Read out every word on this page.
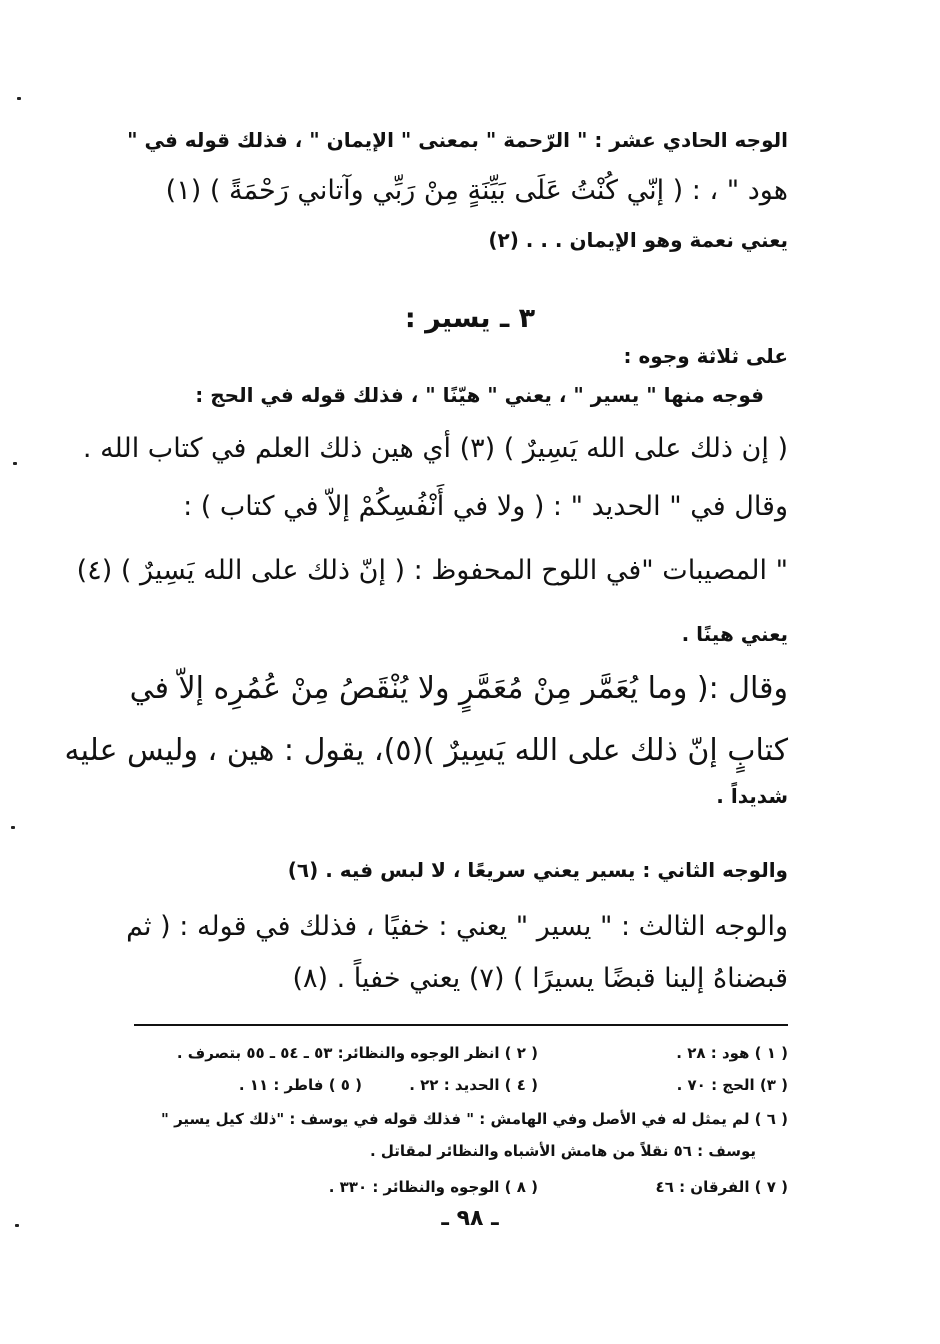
الوجه الحادي عشر : " الرّحمة " بمعنى " الإيمان " ، فذلك قوله في "
هود " ، : ( إنّي كُنْتُ عَلَى بَيِّنَةٍ مِنْ رَبِّي وآتاني رَحْمَةً ) (١)
يعني نعمة وهو الإيمان . . . (٢)
٣ ـ يسير :
على ثلاثة وجوه :
فوجه منها " يسير " ، يعني " هيّنًا " ، فذلك قوله في الحج :
( إن ذلك على الله يَسِيرٌ ) (٣) أي هين ذلك العلم في كتاب الله .
وقال في " الحديد " : ( ولا في أَنْفُسِكُمْ إلاّ في كتاب ) :
" المصيبات "في اللوح المحفوظ : ( إنّ ذلك على الله يَسِيرٌ ) (٤)
يعني هينًا .
وقال :( وما يُعَمَّر مِنْ مُعَمَّرٍ ولا يُنْقَصُ مِنْ عُمُرِه إلاّ في
كتابٍ إنّ ذلك على الله يَسِيرٌ )(٥)، يقول : هين ، وليس عليه
شديداً .
والوجه الثاني : يسير يعني سريعًا ، لا لبس فيه . (٦)
والوجه الثالث : " يسير " يعني : خفيًا ، فذلك في قوله : ( ثم
قبضناهُ إلينا قبضًا يسيرًا ) (٧) يعني خفياً . (٨)
( ١ ) هود : ٢٨ .
( ٢ ) انظر الوجوه والنظائر: ٥٣ ـ ٥٤ ـ ٥٥ بتصرف .
( ٣) الحج : ٧٠ .
( ٤ ) الحديد : ٢٢ .
( ٥ ) فاطر : ١١ .
( ٦ ) لم يمثل له في الأصل وفي الهامش : " فذلك قوله في يوسف : "ذلك كيل يسير "
يوسف : ٥٦ نقلاً من هامش الأشباه والنظائر لمقاتل .
( ٧ ) الفرقان : ٤٦
( ٨ ) الوجوه والنظائر : ٣٣٠ .
ـ ٩٨ ـ
